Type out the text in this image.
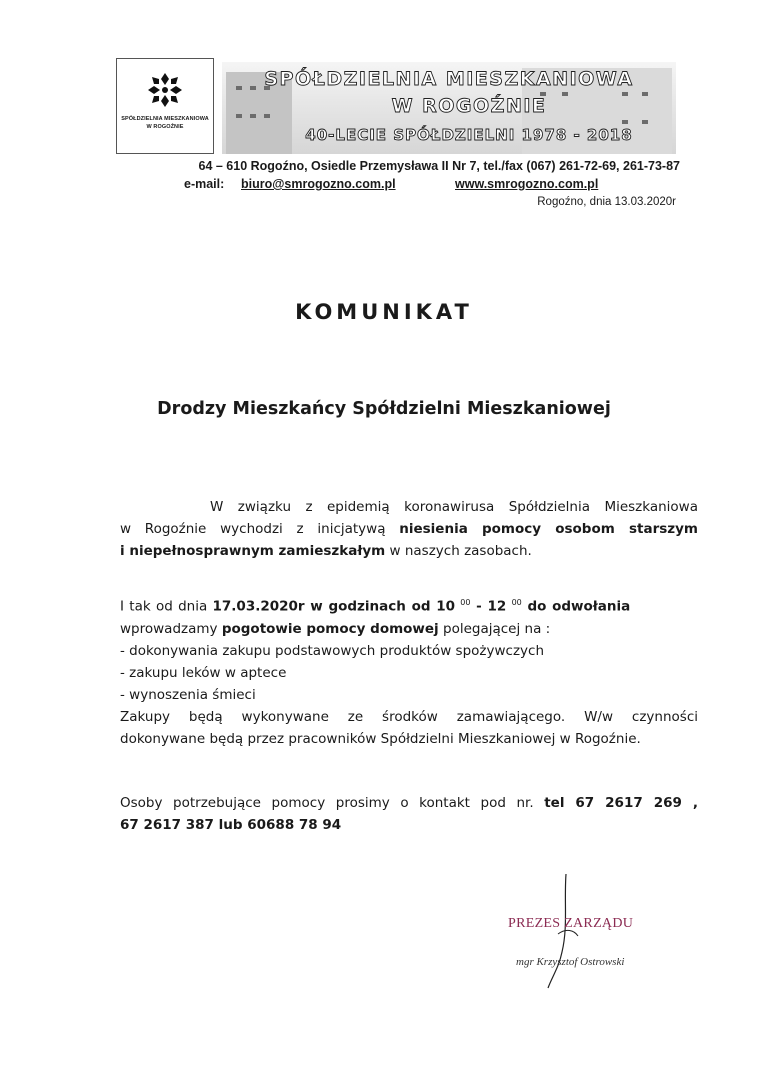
SPÓŁDZIELNIA MIESZKANIOWA
W ROGOŹNIE
SPÓŁDZIELNIA MIESZKANIOWA
W ROGOŹNIE
40-LECIE SPÓŁDZIELNI 1978 - 2018
64 – 610 Rogoźno, Osiedle Przemysława II Nr 7, tel./fax (067) 261-72-69, 261-73-87
e-mail: biuro@smrogozno.com.pl	www.smrogozno.com.pl
Rogoźno, dnia 13.03.2020r
KOMUNIKAT
Drodzy Mieszkańcy Spółdzielni Mieszkaniowej
W związku z epidemią koronawirusa Spółdzielnia Mieszkaniowa
w Rogoźnie wychodzi z inicjatywą niesienia pomocy osobom starszym
i niepełnosprawnym zamieszkałym w naszych zasobach.
I tak od dnia 17.03.2020r w godzinach od 10 $^{00}$ - 12 $^{00}$ do odwołania
wprowadzamy pogotowie pomocy domowej polegającej na :
- dokonywania zakupu podstawowych produktów spożywczych
- zakupu leków w aptece
- wynoszenia śmieci
Zakupy będą wykonywane ze środków zamawiającego. W/w czynności
dokonywane będą przez pracowników Spółdzielni Mieszkaniowej w Rogoźnie.
Osoby potrzebujące pomocy prosimy o kontakt pod nr. tel 67 2617 269 ,
67 2617 387 lub 60688 78 94
PREZES ZARZĄDU
mgr Krzysztof Ostrowski
